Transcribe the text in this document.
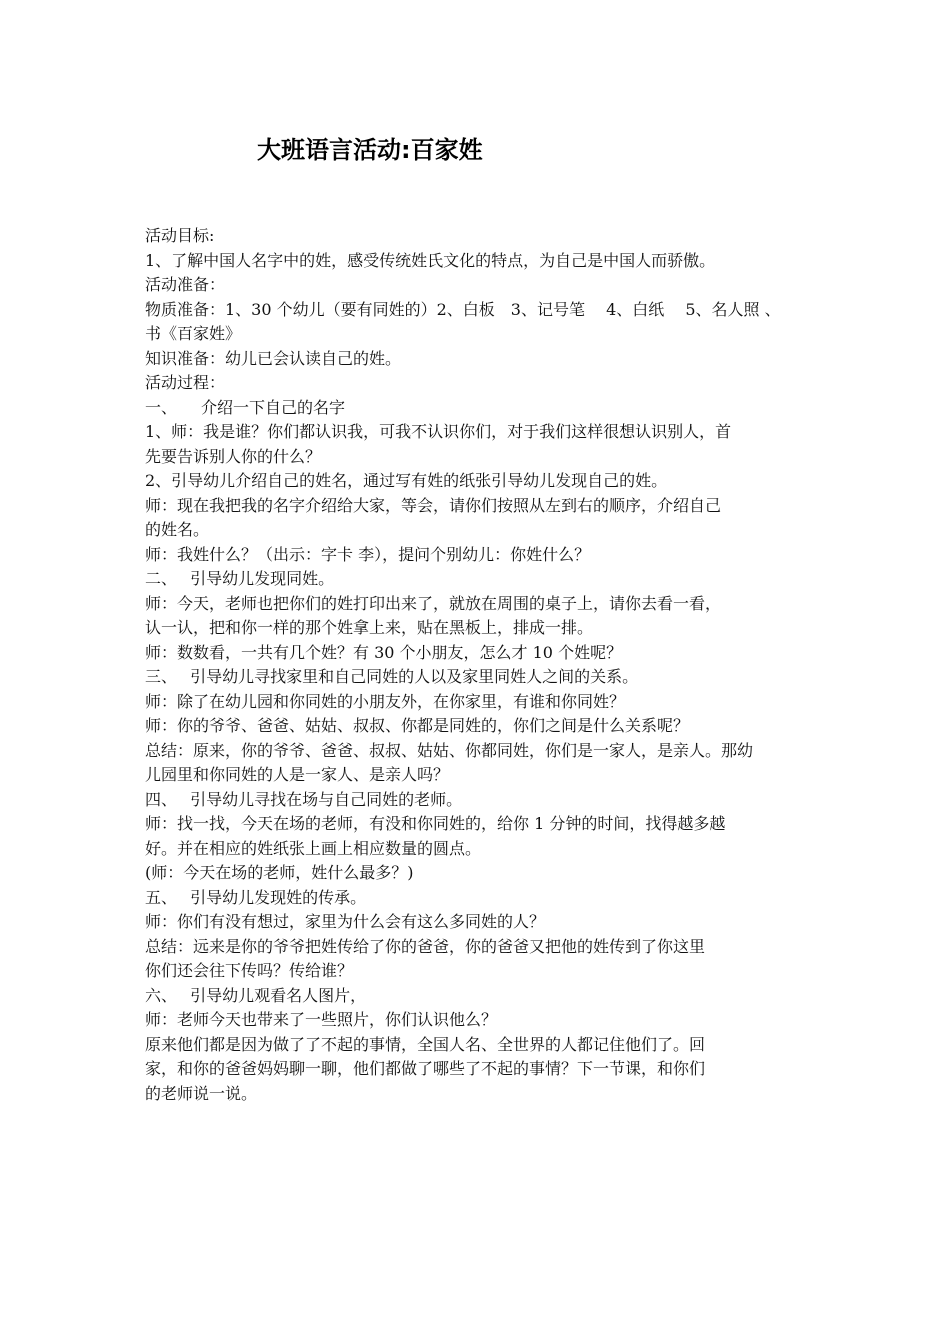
大班语言活动:百家姓
活动目标:
1、了解中国人名字中的姓，感受传统姓氏文化的特点，为自己是中国人而骄傲。
活动准备：
物质准备：1、30 个幼儿（要有同姓的）2、白板　3、记号笔　 4、白纸　 5、名人照 、
书《百家姓》
知识准备：幼儿已会认读自己的姓。
活动过程：
一、　　介绍一下自己的名字
1、师：我是谁？你们都认识我，可我不认识你们，对于我们这样很想认识别人，首
先要告诉别人你的什么？
2、引导幼儿介绍自己的姓名，通过写有姓的纸张引导幼儿发现自己的姓。
师：现在我把我的名字介绍给大家，等会，请你们按照从左到右的顺序，介绍自己
的姓名。
师：我姓什么？（出示：字卡 李），提问个别幼儿：你姓什么？
二、　 引导幼儿发现同姓。
师：今天，老师也把你们的姓打印出来了，就放在周围的桌子上，请你去看一看，
认一认，把和你一样的那个姓拿上来，贴在黑板上，排成一排。
师：数数看，一共有几个姓？有 30 个小朋友，怎么才 10 个姓呢？
三、　 引导幼儿寻找家里和自己同姓的人以及家里同姓人之间的关系。
师：除了在幼儿园和你同姓的小朋友外，在你家里，有谁和你同姓？
师：你的爷爷、爸爸、姑姑、叔叔、你都是同姓的，你们之间是什么关系呢？
总结：原来，你的爷爷、爸爸、叔叔、姑姑、你都同姓，你们是一家人，是亲人。那幼
儿园里和你同姓的人是一家人、是亲人吗？
四、　 引导幼儿寻找在场与自己同姓的老师。
师：找一找，今天在场的老师，有没和你同姓的，给你 1 分钟的时间，找得越多越
好。并在相应的姓纸张上画上相应数量的圆点。
(师：今天在场的老师，姓什么最多？)
五、　 引导幼儿发现姓的传承。
师：你们有没有想过，家里为什么会有这么多同姓的人？
总结：远来是你的爷爷把姓传给了你的爸爸，你的爸爸又把他的姓传到了你这里
你们还会往下传吗？传给谁？
六、　 引导幼儿观看名人图片，
师：老师今天也带来了一些照片，你们认识他么？
原来他们都是因为做了了不起的事情，全国人名、全世界的人都记住他们了。回
家，和你的爸爸妈妈聊一聊，他们都做了哪些了不起的事情？下一节课，和你们
的老师说一说。
